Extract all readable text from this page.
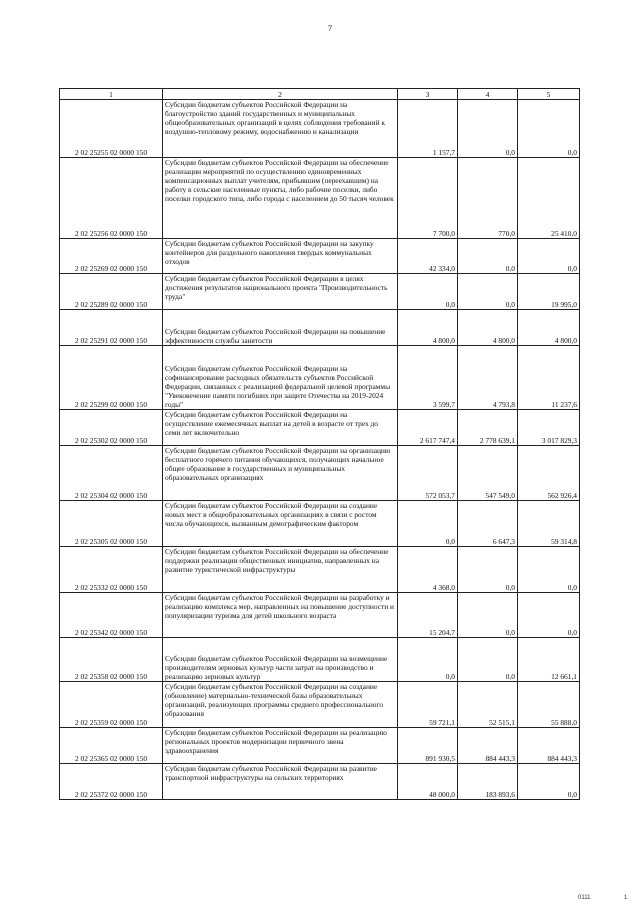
7
1	2	3	4	5
2 02 25255 02 0000 150	Субсидии бюджетам субъектов Российской Федерации на благоустройство зданий государственных и муниципальных общеобразовательных организаций в целях соблюдения требований к воздушно-тепловому режиму, водоснабжению и канализации	1 157,7	0,0	0,0
2 02 25256 02 0000 150	Субсидии бюджетам субъектов Российской Федерации на обеспечение реализации мероприятий по осуществлению единовременных компенсационных выплат учителям, прибывшим (переехавшим) на работу в сельские населенные пункты, либо рабочие поселки, либо поселки городского типа, либо города с населением до 50 тысяч человек	7 700,0	770,0	25 410,0
2 02 25269 02 0000 150	Субсидии бюджетам субъектов Российской Федерации на закупку контейнеров для раздельного накопления твердых коммунальных отходов	42 334,0	0,0	0,0
2 02 25289 02 0000 150	Субсидии бюджетам субъектов Российской Федерации в целях достижения результатов национального проекта "Производительность труда"	0,0	0,0	19 995,0
2 02 25291 02 0000 150	Субсидии бюджетам субъектов Российской Федерации на повышение эффективности службы занятости	4 800,0	4 800,0	4 800,0
2 02 25299 02 0000 150	Субсидии бюджетам субъектов Российской Федерации на софинансирование расходных обязательств субъектов Российской Федерации, связанных с реализацией федеральной целевой программы "Увековечение памяти погибших при защите Отечества на 2019-2024 годы"	3 599,7	4 793,8	11 237,6
2 02 25302 02 0000 150	Субсидии бюджетам субъектов Российской Федерации на осуществление ежемесячных выплат на детей в возрасте от трех до семи лет включительно	2 617 747,4	2 778 639,1	3 017 829,3
2 02 25304 02 0000 150	Субсидии бюджетам субъектов Российской Федерации на организацию бесплатного горячего питания обучающихся, получающих начальное общее образование в государственных и муниципальных образовательных организациях	572 053,7	547 549,0	562 926,4
2 02 25305 02 0000 150	Субсидии бюджетам субъектов Российской Федерации на создание новых мест в общеобразовательных организациях в связи с ростом числа обучающихся, вызванным демографическим фактором	0,0	6 647,3	59 314,8
2 02 25332 02 0000 150	Субсидии бюджетам субъектов Российской Федерации на обеспечение поддержки реализации общественных инициатив, направленных на развитие туристической инфраструктуры	4 368,0	0,0	0,0
2 02 25342 02 0000 150	Субсидии бюджетам субъектов Российской Федерации на разработку и реализацию комплекса мер, направленных на повышение доступности и популяризации туризма для детей школьного возраста	15 204,7	0,0	0,0
2 02 25358 02 0000 150	Субсидии бюджетам субъектов Российской Федерации на возмещение производителям зерновых культур части затрат на производство и реализацию зерновых культур	0,0	0,0	12 661,1
2 02 25359 02 0000 150	Субсидии бюджетам субъектов Российской Федерации на создание (обновление) материально-технической базы образовательных организаций, реализующих программы среднего профессионального образования	59 721,1	52 515,1	55 888,0
2 02 25365 02 0000 150	Субсидии бюджетам субъектов Российской Федерации на реализацию региональных проектов модернизации первичного звена здравоохранения	891 930,5	884 443,3	884 443,3
2 02 25372 02 0000 150	Субсидии бюджетам субъектов Российской Федерации на развитие транспортной инфраструктуры на сельских территориях	48 000,0	183 893,6	0,0
0111	1
